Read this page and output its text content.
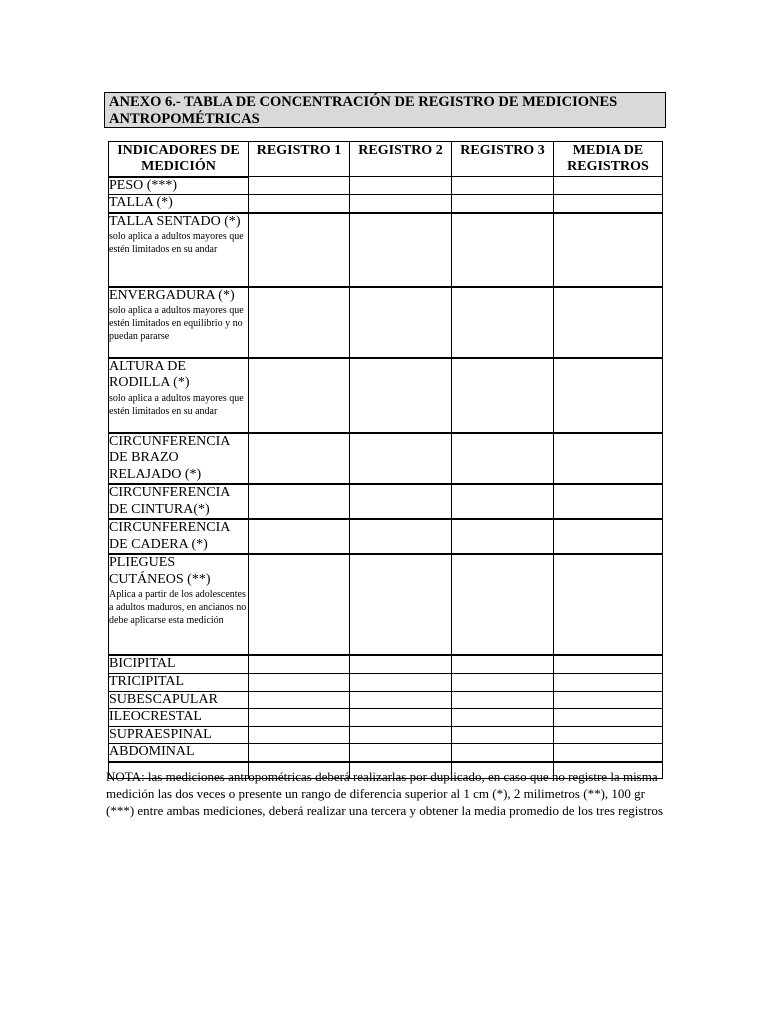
ANEXO 6.- TABLA DE CONCENTRACIÓN DE REGISTRO DE MEDICIONES ANTROPOMÉTRICAS
INDICADORES DE MEDICIÓN	REGISTRO 1	REGISTRO 2	REGISTRO 3	MEDIA DE REGISTROS
PESO (***)				
TALLA (*)				
TALLA SENTADO (*)
solo aplica a adultos mayores que estén limitados en su andar				

ENVERGADURA (*)
solo aplica a adultos mayores que estén limitados en equilibrio y no puedan pararse				

ALTURA DE RODILLA (*)
solo aplica a adultos mayores que estén limitados en su andar				

CIRCUNFERENCIA DE BRAZO RELAJADO (*)				
CIRCUNFERENCIA DE CINTURA(*)				
CIRCUNFERENCIA DE CADERA (*)				
PLIEGUES CUTÁNEOS (**)
Aplica a partir de los adolescentes a adultos maduros, en ancianos no debe aplicarse esta medición				

BICIPITAL				
TRICIPITAL				
SUBESCAPULAR				
ILEOCRESTAL				
SUPRAESPINAL				
ABDOMINAL				

NOTA: las mediciones antropométricas deberá realizarlas por duplicado, en caso que no registre la misma medición las dos veces o presente un rango de diferencia superior al 1 cm (*), 2 milimetros (**), 100 gr (***) entre ambas mediciones, deberá realizar una tercera y obtener la media promedio de los tres registros
